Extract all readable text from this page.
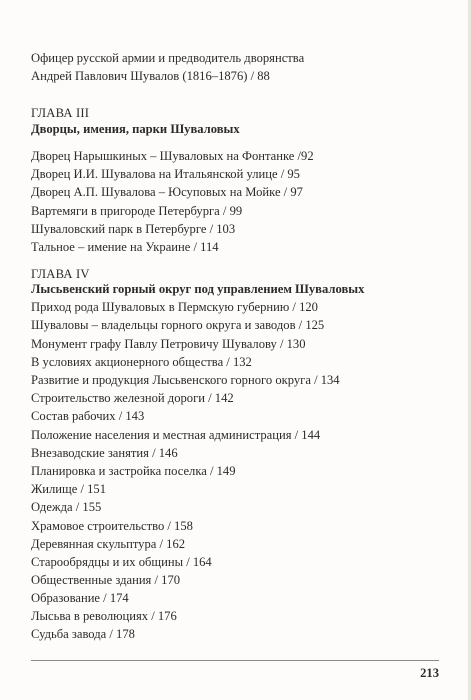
Офицер русской армии и предводитель дворянства
Андрей Павлович Шувалов (1816–1876) / 88
ГЛАВА III
Дворцы, имения, парки Шуваловых
Дворец Нарышкиных – Шуваловых на Фонтанке /92
Дворец И.И. Шувалова на Итальянской улице / 95
Дворец А.П. Шувалова – Юсуповых на Мойке / 97
Вартемяги в пригороде Петербурга / 99
Шуваловский парк в Петербурге / 103
Тальное – имение на Украине / 114
ГЛАВА IV
Лысьвенский горный округ под управлением Шуваловых
Приход рода Шуваловых в Пермскую губернию / 120
Шуваловы – владельцы горного округа и заводов / 125
Монумент графу Павлу Петровичу Шувалову / 130
В условиях акционерного общества / 132
Развитие и продукция Лысьвенского горного округа / 134
Строительство железной дороги / 142
Состав рабочих / 143
Положение населения и местная администрация / 144
Внезаводские занятия / 146
Планировка и застройка поселка / 149
Жилище / 151
Одежда / 155
Храмовое строительство / 158
Деревянная скульптура / 162
Старообрядцы и их общины / 164
Общественные здания / 170
Образование / 174
Лысьва в революциях / 176
Судьба завода / 178
213
